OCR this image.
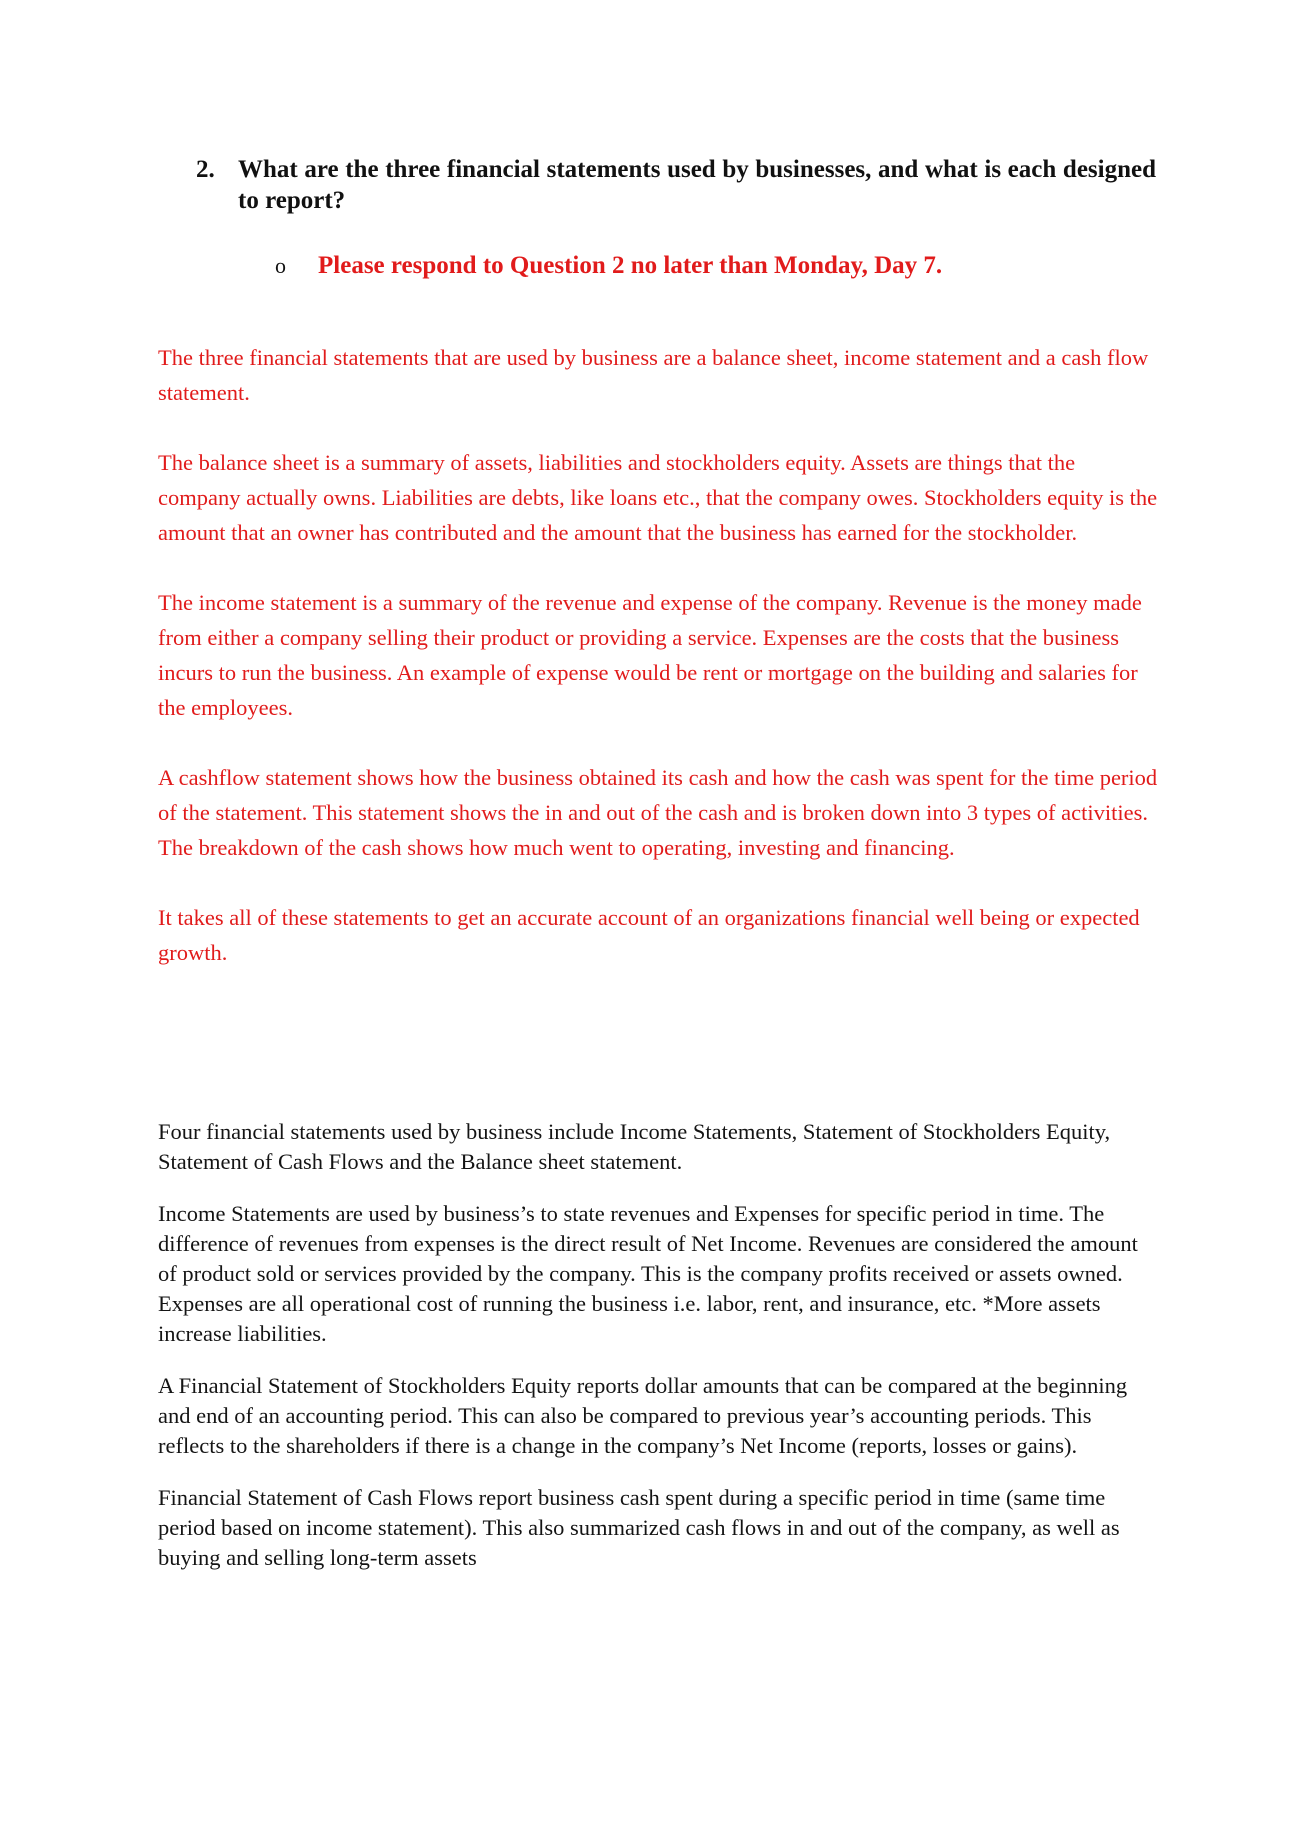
2. What are the three financial statements used by businesses, and what is each designed to report?
o Please respond to Question 2 no later than Monday, Day 7.

The three financial statements that are used by business are a balance sheet, income statement and a cash flow statement.

The balance sheet is a summary of assets, liabilities and stockholders equity. Assets are things that the company actually owns. Liabilities are debts, like loans etc., that the company owes. Stockholders equity is the amount that an owner has contributed and the amount that the business has earned for the stockholder.

The income statement is a summary of the revenue and expense of the company. Revenue is the money made from either a company selling their product or providing a service. Expenses are the costs that the business incurs to run the business. An example of expense would be rent or mortgage on the building and salaries for the employees.

A cashflow statement shows how the business obtained its cash and how the cash was spent for the time period of the statement. This statement shows the in and out of the cash and is broken down into 3 types of activities. The breakdown of the cash shows how much went to operating, investing and financing.

It takes all of these statements to get an accurate account of an organizations financial well being or expected growth.

Four financial statements used by business include Income Statements, Statement of Stockholders Equity, Statement of Cash Flows and the Balance sheet statement.

Income Statements are used by business’s to state revenues and Expenses for specific period in time. The difference of revenues from expenses is the direct result of Net Income. Revenues are considered the amount of product sold or services provided by the company. This is the company profits received or assets owned. Expenses are all operational cost of running the business i.e. labor, rent, and insurance, etc. *More assets increase liabilities.

A Financial Statement of Stockholders Equity reports dollar amounts that can be compared at the beginning and end of an accounting period. This can also be compared to previous year’s accounting periods. This reflects to the shareholders if there is a change in the company’s Net Income (reports, losses or gains).

Financial Statement of Cash Flows report business cash spent during a specific period in time (same time period based on income statement). This also summarized cash flows in and out of the company, as well as buying and selling long-term assets
